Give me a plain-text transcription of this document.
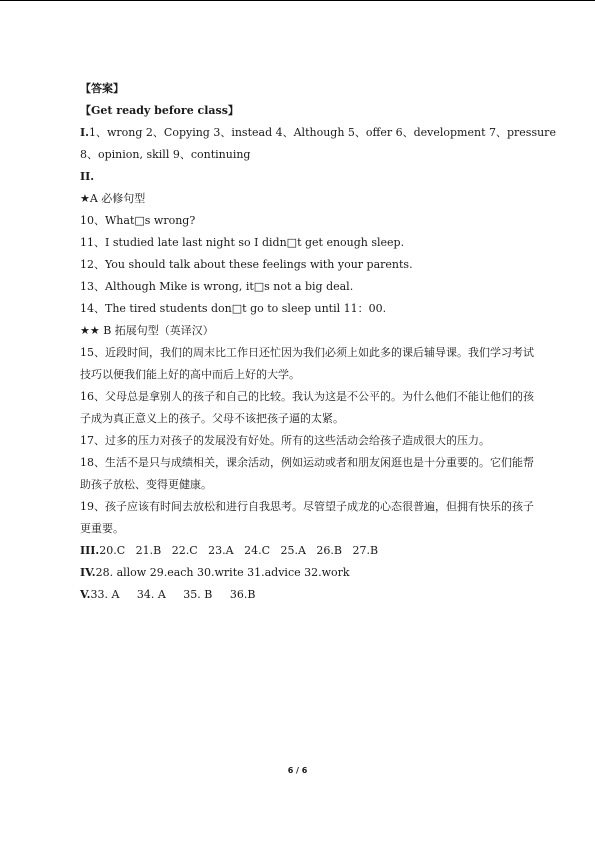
【答案】
【Get ready before class】
I.1、wrong 2、Copying 3、instead 4、Although 5、offer 6、development 7、pressure
8、opinion, skill 9、continuing
II.
★A 必修句型
10、What□s wrong?
11、I studied late last night so I didn□t get enough sleep.
12、You should talk about these feelings with your parents.
13、Although Mike is wrong, it□s not a big deal.
14、The tired students don□t go to sleep until 11：00.
★★ B 拓展句型（英译汉）

15、近段时间，我们的周末比工作日还忙因为我们必须上如此多的课后辅导课。我们学习考试技巧以便我们能上好的高中而后上好的大学。

16、父母总是拿别人的孩子和自己的比较。我认为这是不公平的。为什么他们不能让他们的孩子成为真正意义上的孩子。父母不该把孩子逼的太紧。

17、过多的压力对孩子的发展没有好处。所有的这些活动会给孩子造成很大的压力。

18、生活不是只与成绩相关，课余活动，例如运动或者和朋友闲逛也是十分重要的。它们能帮助孩子放松、变得更健康。

19、孩子应该有时间去放松和进行自我思考。尽管望子成龙的心态很普遍，但拥有快乐的孩子更重要。

III.20.C   21.B   22.C   23.A   24.C   25.A   26.B   27.B
IV.28. allow 29.each 30.write 31.advice 32.work
V.33. A     34. A     35. B     36.B
6 / 6
